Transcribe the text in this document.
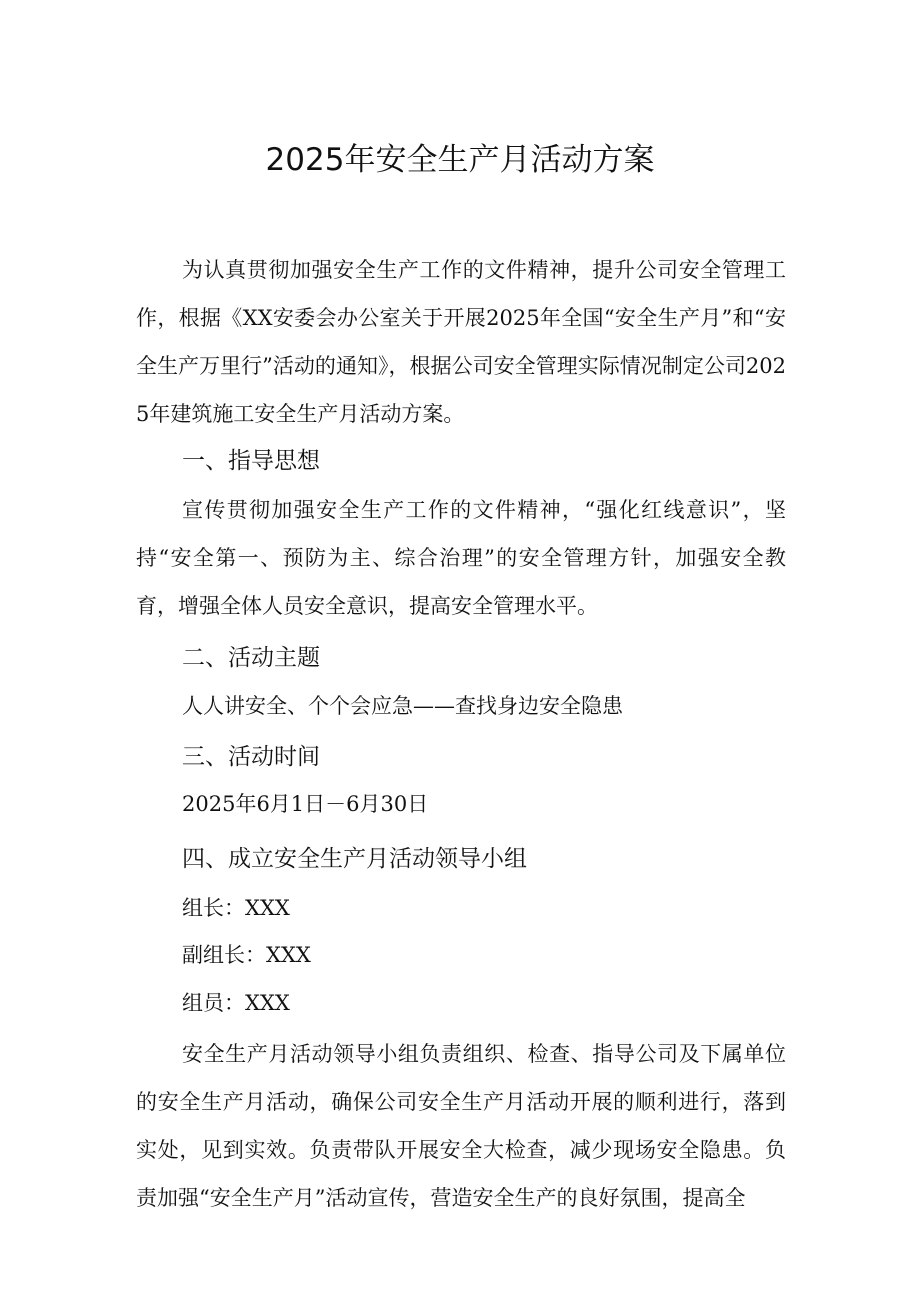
2025年安全生产月活动方案

为认真贯彻加强安全生产工作的文件精神，提升公司安全管理工作，根据《XX安委会办公室关于开展2025年全国“安全生产月”和“安全生产万里行”活动的通知》，根据公司安全管理实际情况制定公司2025年建筑施工安全生产月活动方案。

一、指导思想

宣传贯彻加强安全生产工作的文件精神，“强化红线意识”，坚持“安全第一、预防为主、综合治理”的安全管理方针，加强安全教育，增强全体人员安全意识，提高安全管理水平。

二、活动主题

人人讲安全、个个会应急——查找身边安全隐患

三、活动时间

2025年6月1日－6月30日

四、成立安全生产月活动领导小组

组长：XXX

副组长：XXX

组员：XXX

安全生产月活动领导小组负责组织、检查、指导公司及下属单位的安全生产月活动，确保公司安全生产月活动开展的顺利进行，落到实处，见到实效。负责带队开展安全大检查，减少现场安全隐患。负责加强“安全生产月”活动宣传，营造安全生产的良好氛围，提高全
